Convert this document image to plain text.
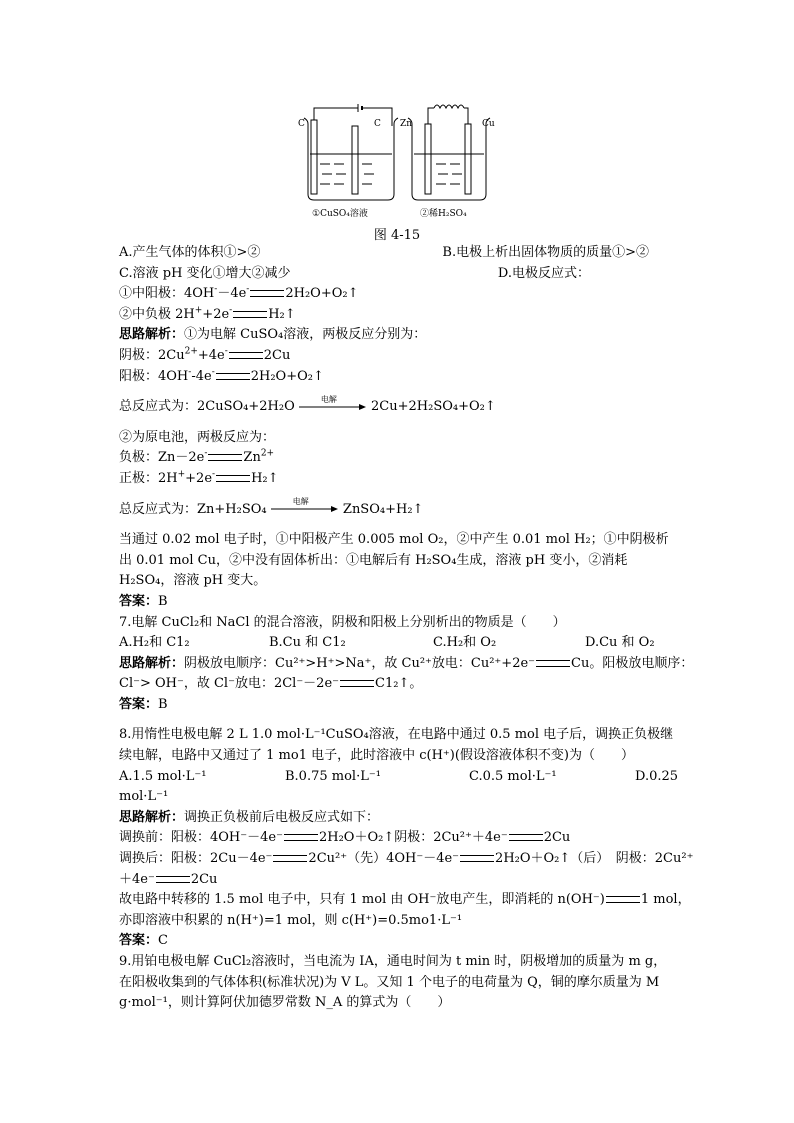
C	C
①CuSO₄溶液
Zn	Cu
②稀H₂SO₄
图 4-15
A.产生气体的体积①>②	B.电极上析出固体物质的质量①>②
C.溶液 pH 变化①增大②减少	D.电极反应式：
①中阳极：4OH-－4e-	2H₂O+O₂↑
②中负极 2H++2e-	H₂↑
思路解析：①为电解 CuSO₄溶液，两极反应分别为：
阴极：$2Cu^{2+}+4e^-$	2Cu
阳极：4OH--4e-	2H₂O+O₂↑
总反应式为：2CuSO₄+2H₂O	电解	2Cu+2H₂SO₄+O₂↑
②为原电池，两极反应为：
负极：Zn－2e-	$Zn^{2+}$
正极：2H++2e-	H₂↑
总反应式为：Zn+H₂SO₄	电解	ZnSO₄+H₂↑
当通过 0.02 mol 电子时，①中阳极产生 0.005 mol O₂，②中产生 0.01 mol H₂；①中阴极析出 0.01 mol Cu，②中没有固体析出：①电解后有 H₂SO₄生成，溶液 pH 变小，②消耗 H₂SO₄，溶液 pH 变大。
答案：B
7.电解 CuCl₂和 NaCl 的混合溶液，阴极和阳极上分别析出的物质是（　　）
A.H₂和 C1₂	B.Cu 和 C1₂	C.H₂和 O₂	D.Cu 和 O₂
思路解析：阴极放电顺序：Cu²⁺>H⁺>Na⁺，故 Cu²⁺放电：Cu²⁺+2e⁻	Cu。阳极放电顺序：
Cl⁻> OH⁻，故 Cl⁻放电：2Cl⁻－2e⁻	C1₂↑。
答案：B
8.用惰性电极电解 2 L 1.0 mol·L⁻¹CuSO₄溶液，在电路中通过 0.5 mol 电子后，调换正负极继续电解，电路中又通过了 1 mo1 电子，此时溶液中 c(H⁺)(假设溶液体积不变)为（　　）
A.1.5 mol·L⁻¹	B.0.75 mol·L⁻¹	C.0.5 mol·L⁻¹	D.0.25
mol·L⁻¹
思路解析：调换正负极前后电极反应式如下：
调换前：阳极：4OH⁻－4e⁻	2H₂O＋O₂↑阴极：2Cu²⁺＋4e⁻	2Cu
调换后：阳极：2Cu－4e⁻	2Cu²⁺（先）4OH⁻－4e⁻	2H₂O＋O₂↑（后）　阴极：2Cu²⁺
＋4e⁻	2Cu
故电路中转移的 1.5 mol 电子中，只有 1 mol 由 OH⁻放电产生，即消耗的 n(OH⁻)	1 mol，
亦即溶液中积累的 n(H⁺)=1 mol，则 c(H⁺)=0.5mo1·L⁻¹
答案：C
9.用铂电极电解 CuCl₂溶液时，当电流为 IA，通电时间为 t min 时，阴极增加的质量为 m g，在阳极收集到的气体体积(标准状况)为 V L。又知 1 个电子的电荷量为 Q，铜的摩尔质量为 M g·mol⁻¹，则计算阿伏加德罗常数 N_A 的算式为（　　）
